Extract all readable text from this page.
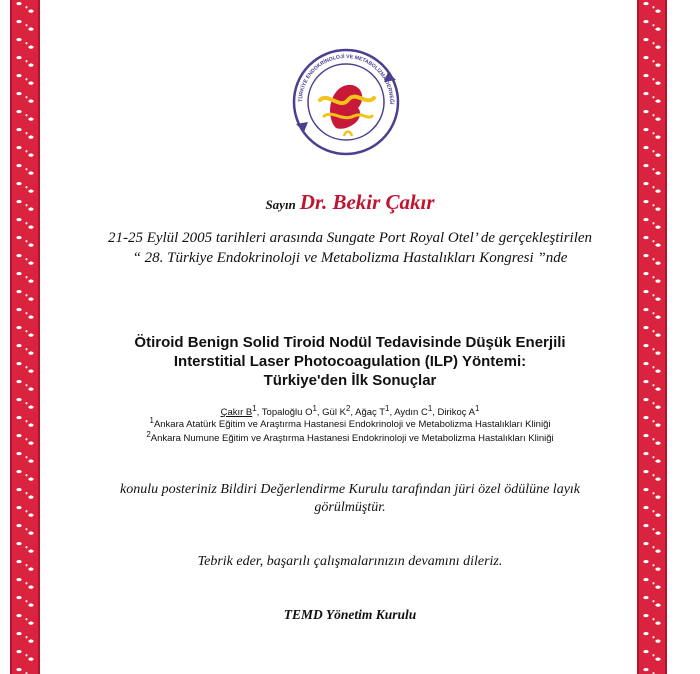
TÜRKİYE ENDOKRİNOLOJİ VE METABOLİZMA DERNEĞİ
Sayın Dr. Bekir Çakır
21-25 Eylül 2005 tarihleri arasında Sungate Port Royal Otel’ de gerçekleştirilen
“ 28. Türkiye Endokrinoloji ve Metabolizma Hastalıkları Kongresi ”nde
Ötiroid Benign Solid Tiroid Nodül Tedavisinde Düşük Enerjili
Interstitial Laser Photocoagulation (ILP) Yöntemi:
Türkiye'den İlk Sonuçlar
Çakır $B^1$, Topaloğlu $O^1$, Gül $K^2$, Ağaç $T^1$, Aydın $C^1$, Dirikoç $A^1$
$^1$Ankara Atatürk Eğitim ve Araştırma Hastanesi Endokrinoloji ve Metabolizma Hastalıkları Kliniği
$^2$Ankara Numune Eğitim ve Araştırma Hastanesi Endokrinoloji ve Metabolizma Hastalıkları Kliniği
konulu posteriniz Bildiri Değerlendirme Kurulu tarafından jüri özel ödülüne layık
görülmüştür.
Tebrik eder, başarılı çalışmalarınızın devamını dileriz.
TEMD Yönetim Kurulu
